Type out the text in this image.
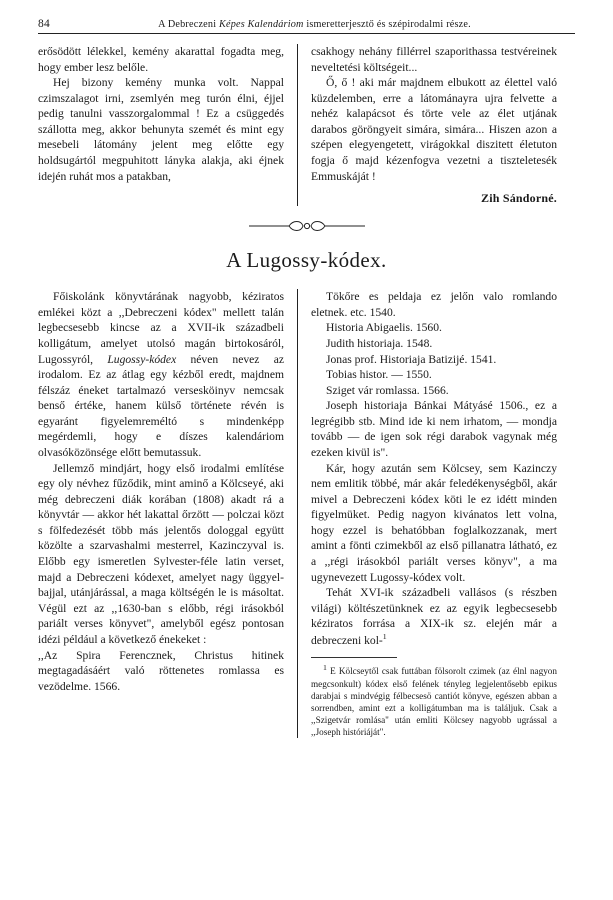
84	A Debreczeni Képes Kalendáriom ismeretterjesztő és szépirodalmi része.

erősödött lélekkel, kemény akarattal fogadta meg, hogy ember lesz belőle.

Hej bizony kemény munka volt. Nappal czimszalagot irni, zsemlyén meg turón élni, éjjel pedig tanulni vasszorgalommal ! Ez a csüggedés szállotta meg, akkor behunyta szemét és mint egy mesebeli látomány jelent meg előtte egy holdsugártól megpuhitott lányka alakja, aki éjnek idején ruhát mos a patakban,

csakhogy nehány fillérrel szaporithassa testvéreinek neveltetési költségeit...

Ő, ő ! aki már majdnem elbukott az élettel való küzdelemben, erre a látománayra ujra felvette a nehéz kalapácsot és törte vele az élet utjának darabos göröngyeit simára, simára... Hiszen azon a szépen elegyengetett, virágokkal diszitett életuton fogja ő majd kézenfogva vezetni a tiszteletesék Emmuskáját !

Zih Sándorné.
A Lugossy-kódex.

Főiskolánk könyvtárának nagyobb, kéziratos emlékei közt a ,,Debreczeni kódex" mellett talán legbecsesebb kincse az a XVII-ik századbeli kolligátum, amelyet utolsó magán birtokosáról, Lugossyról, Lugossy-kódex néven nevez az irodalom. Ez az átlag egy kézből eredt, majdnem félszáz éneket tartalmazó versesköinyv nemcsak benső értéke, hanem külső története révén is egyaránt figyelemreméltó s mindenképp megérdemli, hogy e díszes kalendáriom olvasóközönsége előtt bemutassuk.

Jellemző mindjárt, hogy első irodalmi említése egy oly névhez fűződik, mint aminő a Kölcseyé, aki még debreczeni diák korában (1808) akadt rá a könyvtár — akkor hét lakattal őrzött — polczai közt s fölfedezését több más jelentős dologgal együtt közölte a szarvashalmi mesterrel, Kazinczyval is. Előbb egy ismeretlen Sylvester-féle latin verset, majd a Debreczeni kódexet, amelyet nagy üggyel-bajjal, utánjárással, a maga költségén le is másoltat. Végül ezt az ,,1630-ban s előbb, régi irásokból pariált verses könyvet", amelyből egész pontosan idézi például a következő énekeket :

,,Az Spira Ferencznek, Christus hitinek megtagadásáért való röttenetes romlassa es vezödelme. 1566.

Tökőre es peldaja ez jelőn valo romlando eletnek. etc. 1540.

Historia Abigaelis. 1560.

Judith historiaja. 1548.

Jonas prof. Historiaja Batizijé. 1541.

Tobias histor. — 1550.

Sziget vár romlassa. 1566.

Joseph historiaja Bánkai Mátyásé 1506., ez a legrégibb stb. Mind ide ki nem irhatom, — mondja tovább — de igen sok régi darabok vagynak még ezeken kivül is".

Kár, hogy azután sem Kölcsey, sem Kazinczy nem emlitik többé, már akár feledékenységből, akár mivel a Debreczeni kódex köti le ez idétt minden figyelmüket. Pedig nagyon kivánatos lett volna, hogy ezzel is behatóbban foglalkozzanak, mert amint a fönti czimekből az első pillanatra látható, ez a ,,régi irásokból pariált verses könyv", a ma ugynevezett Lugossy-kódex volt.

Tehát XVI-ik századbeli vallásos (s részben világi) költészetünknek ez az egyik legbecsesebb kéziratos forrása a XIX-ik sz. elején már a debreczeni kol-$^1$

$^1$ E Kölcseytől csak futtában fölsorolt czimek (az élnl nagyon megcsonkult) kódex első felének tényleg legjelentősebb epikus darabjai s mindvégig félbecsesö cantiót könyve, egészen abban a sorrendben, amint ezt a kolligátumban ma is találjuk. Csak a ,,Szigetvár romlása" után emliti Kölcsey nagyobb ugrással a ,,Joseph históriáját".
